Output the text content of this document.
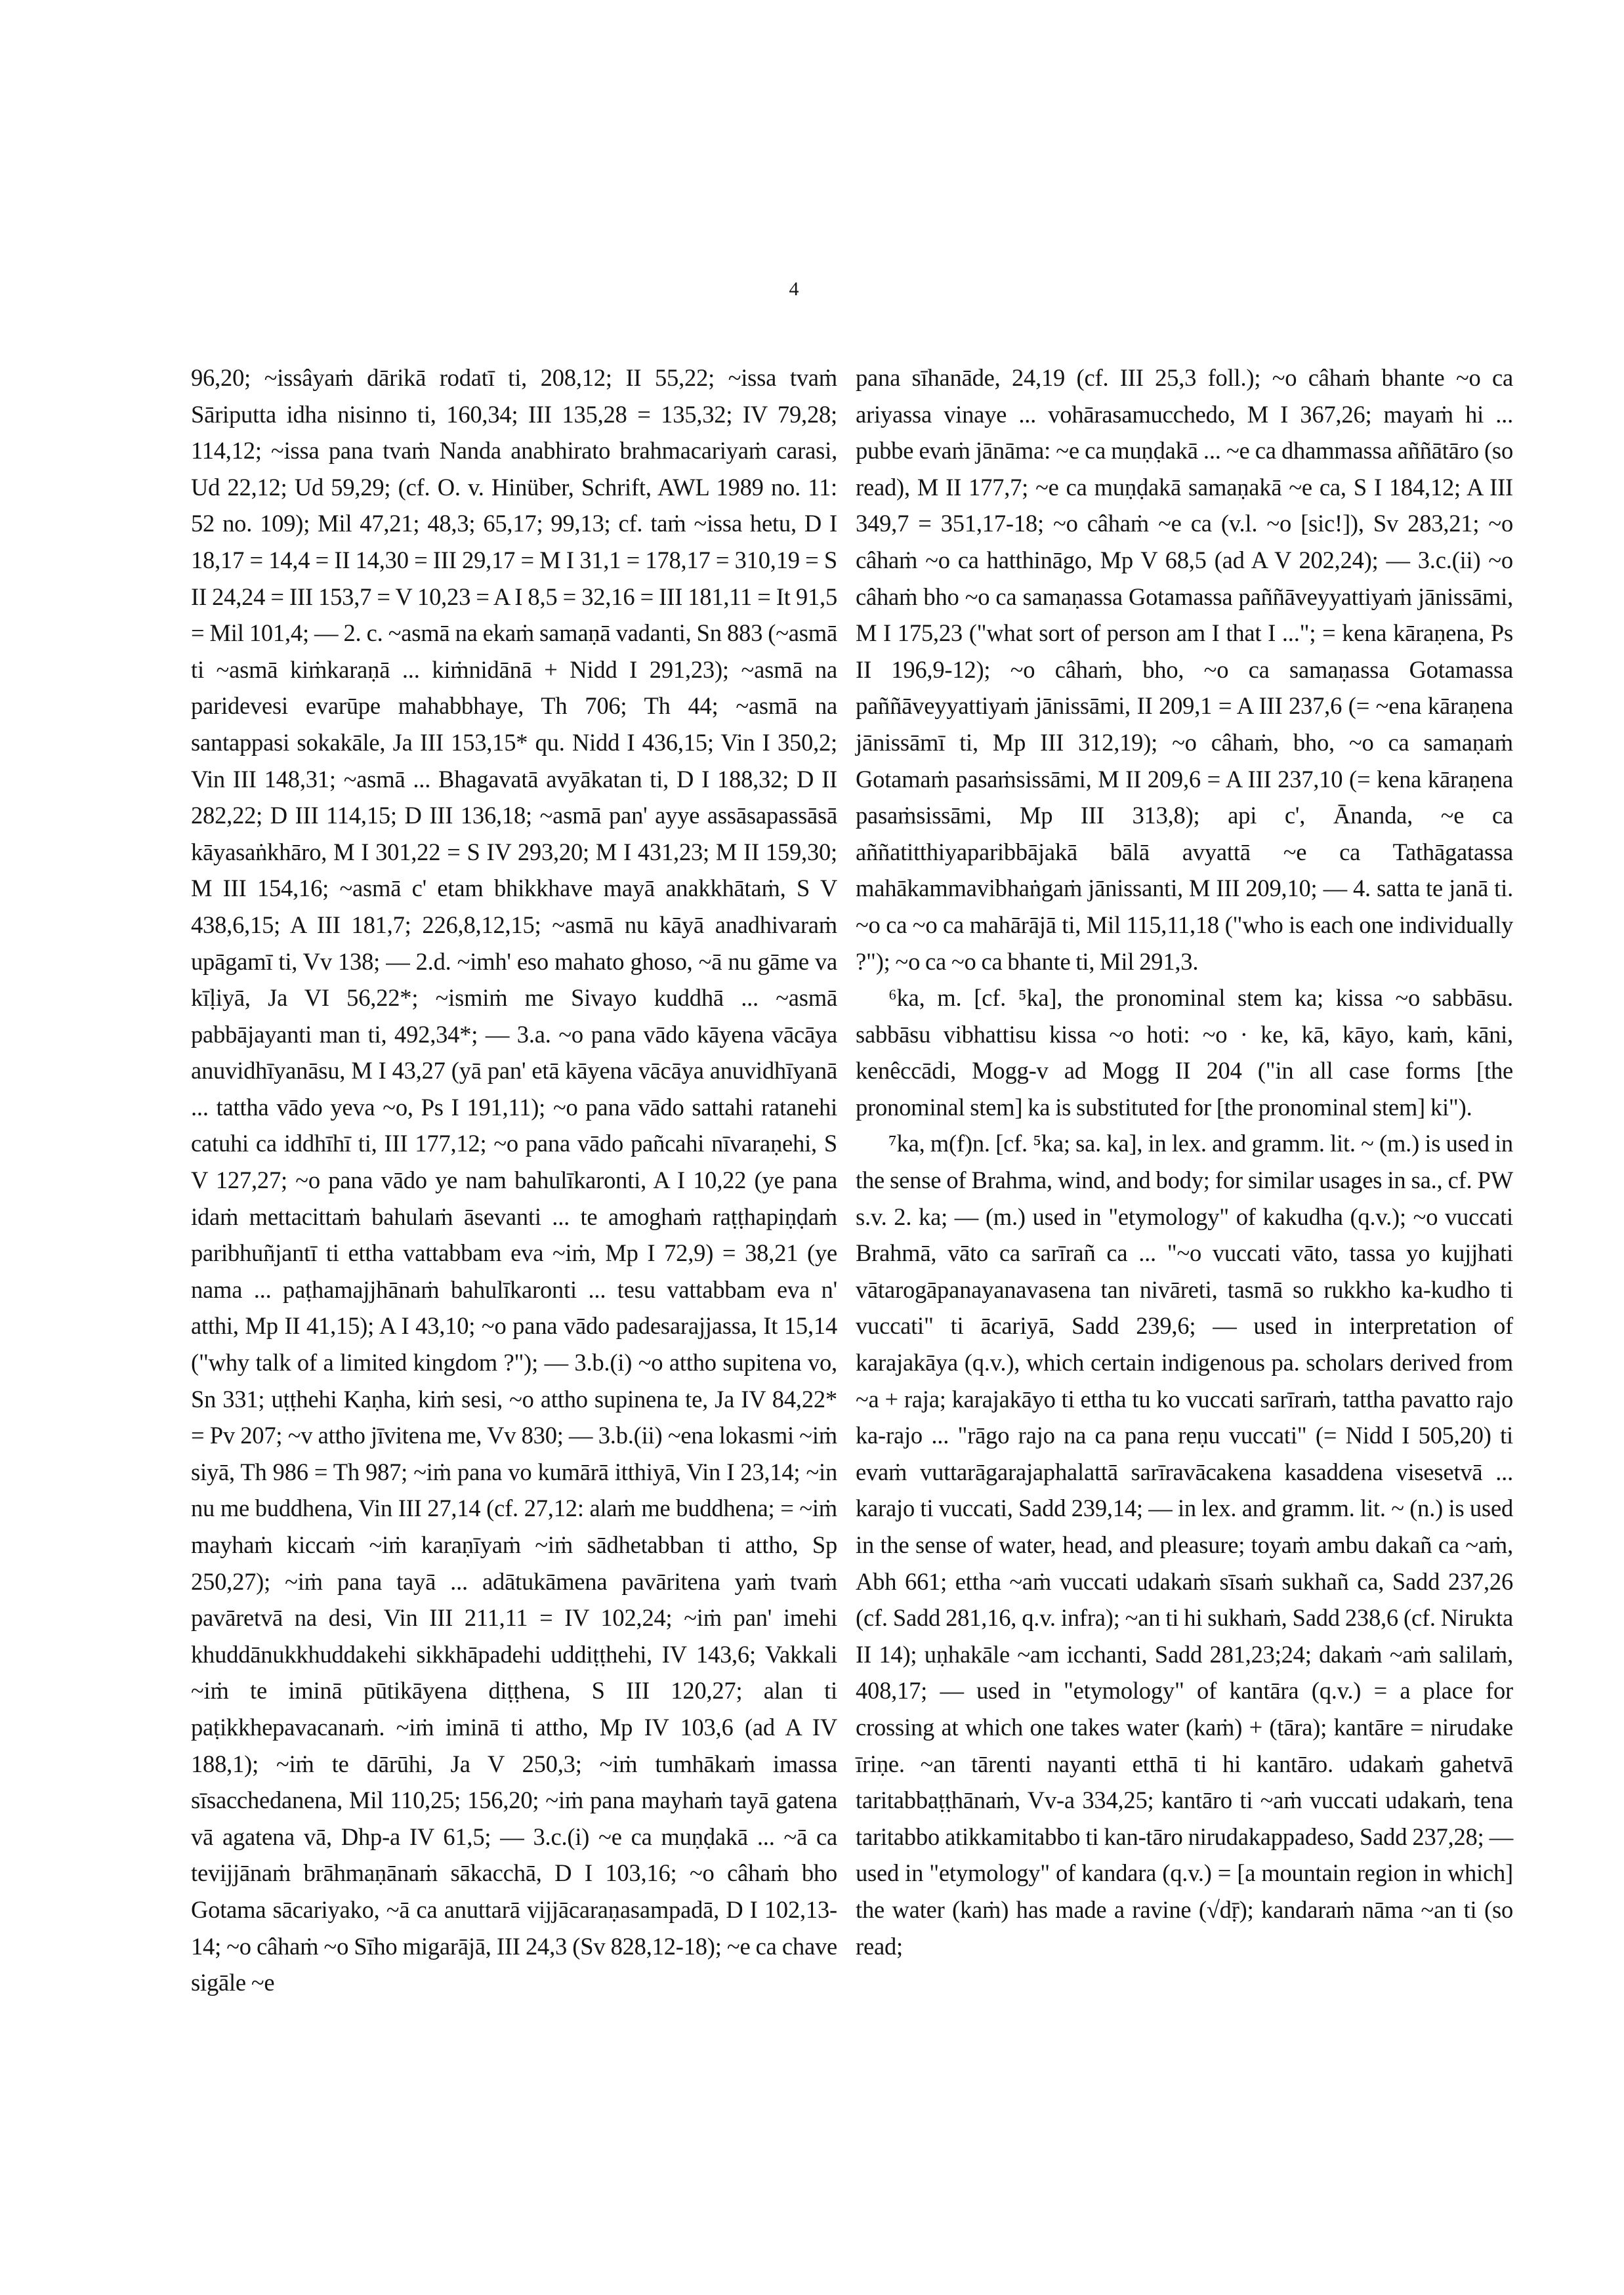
4

96,20; ~issâyaṁ dārikā rodatī ti, 208,12; II 55,22; ~issa tvaṁ Sāriputta idha nisinno ti, 160,34; III 135,28 = 135,32; IV 79,28; 114,12; ~issa pana tvaṁ Nanda anabhirato brahmacariyaṁ carasi, Ud 22,12; Ud 59,29; (cf. O. v. Hinüber, Schrift, AWL 1989 no. 11: 52 no. 109); Mil 47,21; 48,3; 65,17; 99,13; cf. taṁ ~issa hetu, D I 18,17 = 14,4 = II 14,30 = III 29,17 = M I 31,1 = 178,17 = 310,19 = S II 24,24 = III 153,7 = V 10,23 = A I 8,5 = 32,16 = III 181,11 = It 91,5 = Mil 101,4; — 2. c. ~asmā na ekaṁ samaṇā vadanti, Sn 883 (~asmā ti ~asmā kiṁkaraṇā ... kiṁnidānā + Nidd I 291,23); ~asmā na paridevesi evarūpe mahabbhaye, Th 706; Th 44; ~asmā na santappasi sokakāle, Ja III 153,15* qu. Nidd I 436,15; Vin I 350,2; Vin III 148,31; ~asmā ... Bhagavatā avyākatan ti, D I 188,32; D II 282,22; D III 114,15; D III 136,18; ~asmā pan' ayye assāsapassāsā kāyasaṅkhāro, M I 301,22 = S IV 293,20; M I 431,23; M II 159,30; M III 154,16; ~asmā c' etam bhikkhave mayā anakkhātaṁ, S V 438,6,15; A III 181,7; 226,8,12,15; ~asmā nu kāyā anadhivaraṁ upāgamī ti, Vv 138; — 2.d. ~imh' eso mahato ghoso, ~ā nu gāme va kīḷiyā, Ja VI 56,22*; ~ismiṁ me Sivayo kuddhā ... ~asmā pabbājayanti man ti, 492,34*; — 3.a. ~o pana vādo kāyena vācāya anuvidhīyanāsu, M I 43,27 (yā pan' etā kāyena vācāya anuvidhīyanā ... tattha vādo yeva ~o, Ps I 191,11); ~o pana vādo sattahi ratanehi catuhi ca iddhīhī ti, III 177,12; ~o pana vādo pañcahi nīvaraṇehi, S V 127,27; ~o pana vādo ye nam bahulīkaronti, A I 10,22 (ye pana idaṁ mettacittaṁ bahulaṁ āsevanti ... te amoghaṁ raṭṭhapiṇḍaṁ paribhuñjantī ti ettha vattabbam eva ~iṁ, Mp I 72,9) = 38,21 (ye nama ... paṭhamajjhānaṁ bahulīkaronti ... tesu vattabbam eva n' atthi, Mp II 41,15); A I 43,10; ~o pana vādo padesarajjassa, It 15,14 ("why talk of a limited kingdom ?"); — 3.b.(i) ~o attho supitena vo, Sn 331; uṭṭhehi Kaṇha, kiṁ sesi, ~o attho supinena te, Ja IV 84,22* = Pv 207; ~v attho jīvitena me, Vv 830; — 3.b.(ii) ~ena lokasmi ~iṁ siyā, Th 986 = Th 987; ~iṁ pana vo kumārā itthiyā, Vin I 23,14; ~in nu me buddhena, Vin III 27,14 (cf. 27,12: alaṁ me buddhena; = ~iṁ mayhaṁ kiccaṁ ~iṁ karaṇīyaṁ ~iṁ sādhetabban ti attho, Sp 250,27); ~iṁ pana tayā ... adātukāmena pavāritena yaṁ tvaṁ pavāretvā na desi, Vin III 211,11 = IV 102,24; ~iṁ pan' imehi khuddānukkhuddakehi sikkhāpadehi uddiṭṭhehi, IV 143,6; Vakkali ~iṁ te iminā pūtikāyena diṭṭhena, S III 120,27; alan ti paṭikkhepavacanaṁ. ~iṁ iminā ti attho, Mp IV 103,6 (ad A IV 188,1); ~iṁ te dārūhi, Ja V 250,3; ~iṁ tumhākaṁ imassa sīsacchedanena, Mil 110,25; 156,20; ~iṁ pana mayhaṁ tayā gatena vā agatena vā, Dhp-a IV 61,5; — 3.c.(i) ~e ca muṇḍakā ... ~ā ca tevijjānaṁ brāhmaṇānaṁ sākacchā, D I 103,16; ~o câhaṁ bho Gotama sācariyako, ~ā ca anuttarā vijjācaraṇasampadā, D I 102,13-14; ~o câhaṁ ~o Sīho migarājā, III 24,3 (Sv 828,12-18); ~e ca chave sigāle ~e

pana sīhanāde, 24,19 (cf. III 25,3 foll.); ~o câhaṁ bhante ~o ca ariyassa vinaye ... vohārasamucchedo, M I 367,26; mayaṁ hi ... pubbe evaṁ jānāma: ~e ca muṇḍakā ... ~e ca dhammassa aññātāro (so read), M II 177,7; ~e ca muṇḍakā samaṇakā ~e ca, S I 184,12; A III 349,7 = 351,17-18; ~o câhaṁ ~e ca (v.l. ~o [sic!]), Sv 283,21; ~o câhaṁ ~o ca hatthināgo, Mp V 68,5 (ad A V 202,24); — 3.c.(ii) ~o câhaṁ bho ~o ca samaṇassa Gotamassa paññāveyyattiyaṁ jānissāmi, M I 175,23 ("what sort of person am I that I ..."; = kena kāraṇena, Ps II 196,9-12); ~o câhaṁ, bho, ~o ca samaṇassa Gotamassa paññāveyyattiyaṁ jānissāmi, II 209,1 = A III 237,6 (= ~ena kāraṇena jānissāmī ti, Mp III 312,19); ~o câhaṁ, bho, ~o ca samaṇaṁ Gotamaṁ pasaṁsissāmi, M II 209,6 = A III 237,10 (= kena kāraṇena pasaṁsissāmi, Mp III 313,8); api c', Ānanda, ~e ca aññatitthiyaparibbājakā bālā avyattā ~e ca Tathāgatassa mahākammavibhaṅgaṁ jānissanti, M III 209,10; — 4. satta te janā ti. ~o ca ~o ca mahārājā ti, Mil 115,11,18 ("who is each one individually ?"); ~o ca ~o ca bhante ti, Mil 291,3.

⁶ka, m. [cf. ⁵ka], the pronominal stem ka; kissa ~o sabbāsu. sabbāsu vibhattisu kissa ~o hoti: ~o · ke, kā, kāyo, kaṁ, kāni, kenêccādi, Mogg-v ad Mogg II 204 ("in all case forms [the pronominal stem] ka is substituted for [the pronominal stem] ki").

⁷ka, m(f)n. [cf. ⁵ka; sa. ka], in lex. and gramm. lit. ~ (m.) is used in the sense of Brahma, wind, and body; for similar usages in sa., cf. PW s.v. 2. ka; — (m.) used in "etymology" of kakudha (q.v.); ~o vuccati Brahmā, vāto ca sarīrañ ca ... "~o vuccati vāto, tassa yo kujjhati vātarogāpanayanavasena tan nivāreti, tasmā so rukkho ka-kudho ti vuccati" ti ācariyā, Sadd 239,6; — used in interpretation of karajakāya (q.v.), which certain indigenous pa. scholars derived from ~a + raja; karajakāyo ti ettha tu ko vuccati sarīraṁ, tattha pavatto rajo ka-rajo ... "rāgo rajo na ca pana reṇu vuccati" (= Nidd I 505,20) ti evaṁ vuttarāgarajaphalattā sarīravācakena kasaddena visesetvā ... karajo ti vuccati, Sadd 239,14; — in lex. and gramm. lit. ~ (n.) is used in the sense of water, head, and pleasure; toyaṁ ambu dakañ ca ~aṁ, Abh 661; ettha ~aṁ vuccati udakaṁ sīsaṁ sukhañ ca, Sadd 237,26 (cf. Sadd 281,16, q.v. infra); ~an ti hi sukhaṁ, Sadd 238,6 (cf. Nirukta II 14); uṇhakāle ~am icchanti, Sadd 281,23;24; dakaṁ ~aṁ salilaṁ, 408,17; — used in "etymology" of kantāra (q.v.) = a place for crossing at which one takes water (kaṁ) + (tāra); kantāre = nirudake īriṇe. ~an tārenti nayanti etthā ti hi kantāro. udakaṁ gahetvā taritabbaṭṭhānaṁ, Vv-a 334,25; kantāro ti ~aṁ vuccati udakaṁ, tena taritabbo atikkamitabbo ti kan-tāro nirudakappadeso, Sadd 237,28; — used in "etymology" of kandara (q.v.) = [a mountain region in which] the water (kaṁ) has made a ravine (√dṝ); kandaraṁ nāma ~an ti (so read;
